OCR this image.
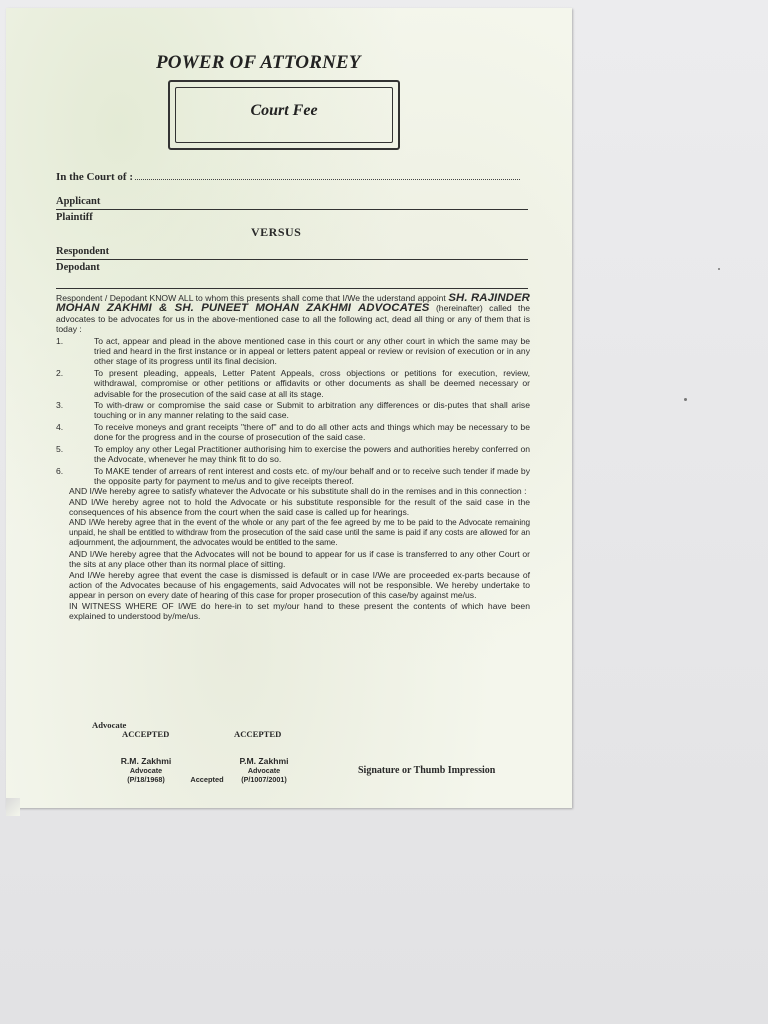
POWER OF ATTORNEY
Court Fee
In the Court of :
Applicant
Plaintiff
VERSUS
Respondent
Depodant
Respondent / Depodant KNOW ALL to whom this presents shall come that I/We the uderstand appoint SH. RAJINDER MOHAN ZAKHMI & SH. PUNEET MOHAN ZAKHMI ADVOCATES (hereinafter) called the advocates to be advocates for us in the above-mentioned case to all the following act, dead all thing or any of them that is today :
1.	To act, appear and plead in the above mentioned case in this court or any other court in which the same may be tried and heard in the first instance or in appeal or letters patent appeal or review or revision of execution or in any other stage of its progress until its final decision.
2.	To present pleading, appeals, Letter Patent Appeals, cross objections or petitions for execution, review, withdrawal, compromise or other petitions or affidavits or other documents as shall be deemed necessary or advisable for the prosecution of the said case at all its stage.
3.	To with-draw or compromise the said case or Submit to arbitration any differences or dis-putes that shall arise touching or in any manner relating to the said case.
4.	To receive moneys and grant receipts "there of" and to do all other acts and things which may be necessary to be done for the progress and in the course of prosecution of the said case.
5.	To employ any other Legal Practitioner authorising him to exercise the powers and authorities hereby conferred on the Advocate, whenever he may think fit to do so.
6.	To MAKE tender of arrears of rent interest and costs etc. of my/our behalf and or to receive such tender if made by the opposite party for payment to me/us and to give receipts thereof.
AND I/We hereby agree to satisfy whatever the Advocate or his substitute shall do in the remises and in this connection :
AND I/We hereby agree not to hold the Advocate or his substitute responsible for the result of the said case in the consequences of his absence from the court when the said case is called up for hearings.
AND I/We hereby agree that in the event of the whole or any part of the fee agreed by me to be paid to the Advocate remaining unpaid, he shall be entitled to withdraw from the prosecution of the said case until the same is paid if any costs are allowed for an adjournment, the adjournment, the advocates would be entitled to the same.
AND I/We hereby agree that the Advocates will not be bound to appear for us if case is transferred to any other Court or the sits at any place other than its normal place of sitting.
And I/We hereby agree that event the case is dismissed is default or in case I/We are proceeded ex-parts because of action of the Advocates because of his engagements, said Advocates will not be responsible. We hereby undertake to appear in person on every date of hearing of this case for proper prosecution of this case/by against me/us.
IN WITNESS WHERE OF I/WE do here-in to set my/our hand to these present the contents of which have been explained to understood by/me/us.
Advocate
ACCEPTED	ACCEPTED
R.M. Zakhmi
Advocate
(P/18/1968)	Accepted
P.M. Zakhmi
Advocate
(P/1007/2001)
Signature or Thumb Impression
